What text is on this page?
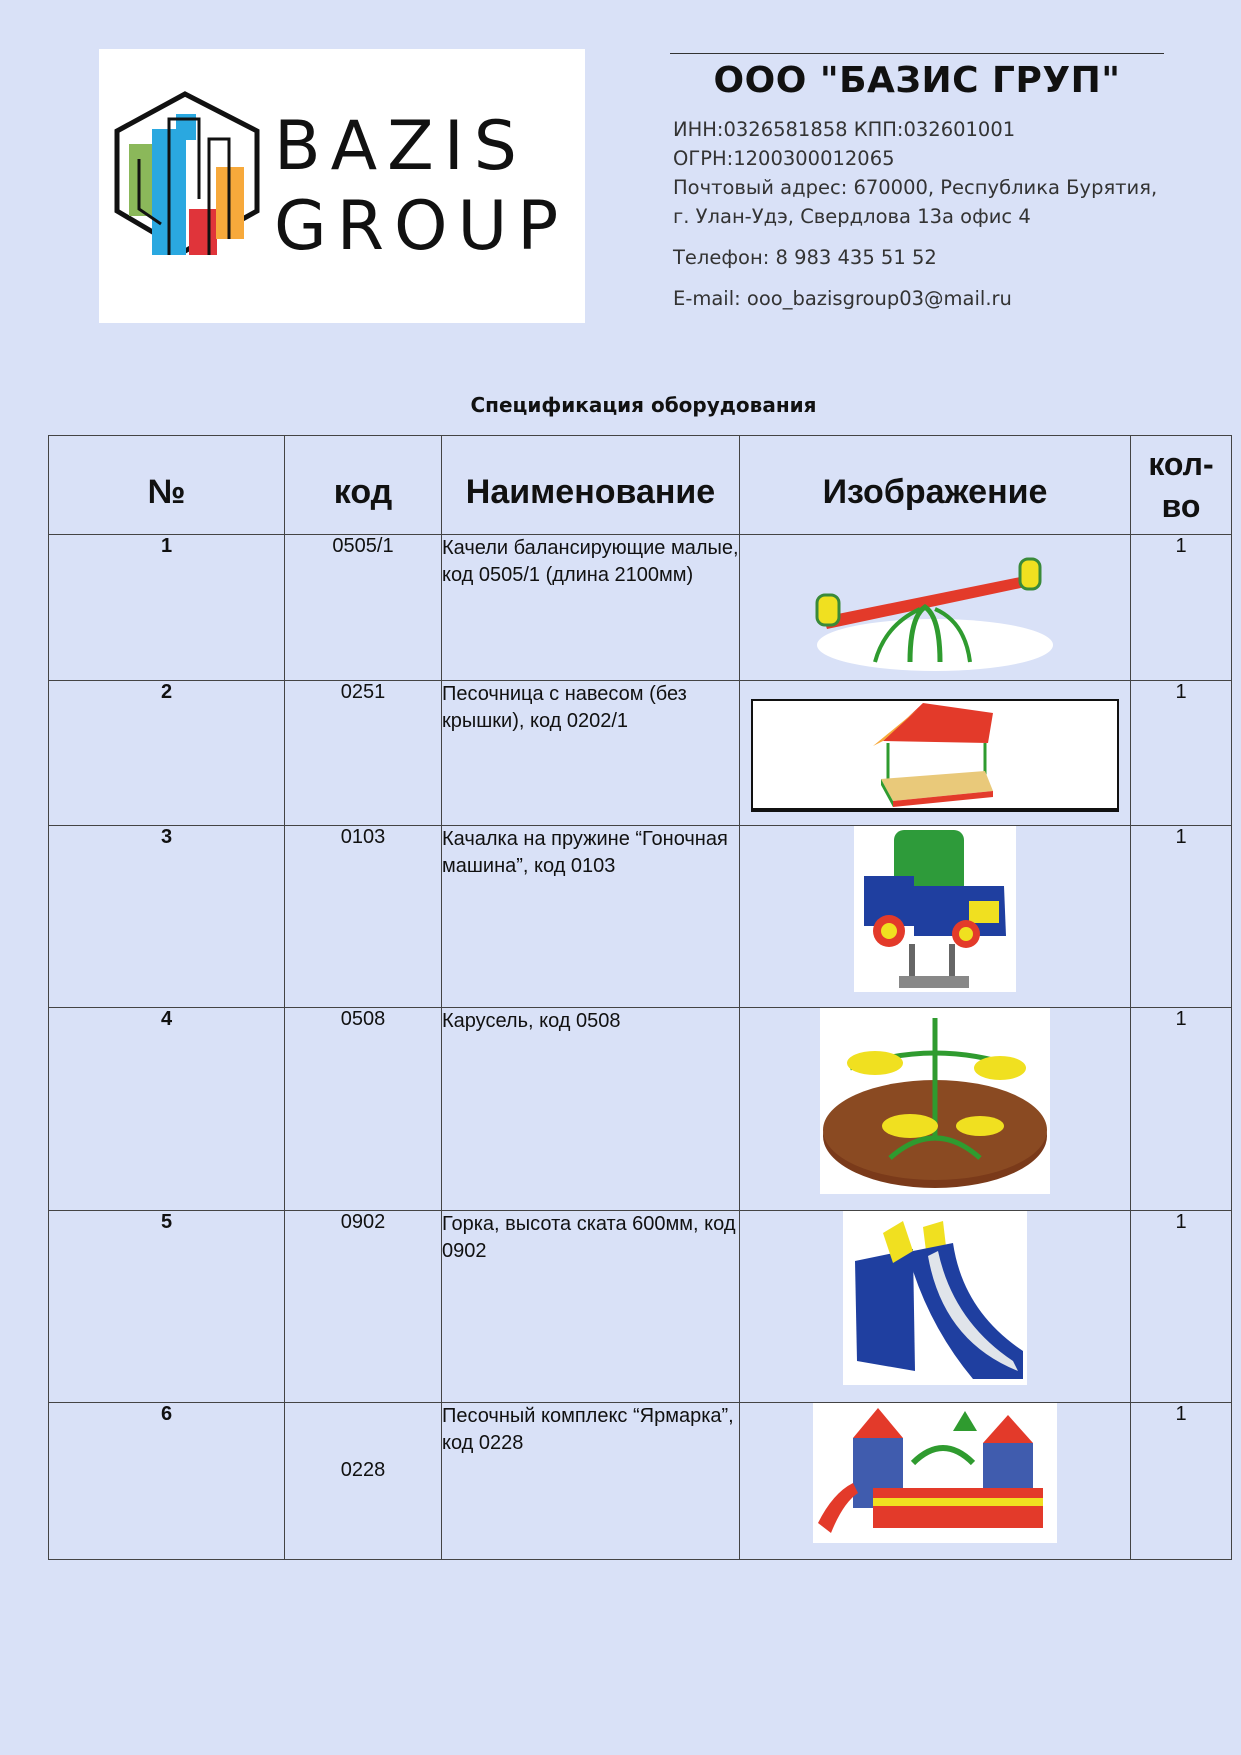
BAZIS
GROUP
ООО "БАЗИС ГРУП"
ИНН:0326581858 КПП:032601001
ОГРН:1200300012065
Почтовый адрес: 670000, Республика Бурятия,
г. Улан-Удэ, Свердлова 13а офис 4
Телефон: 8 983 435 51 52
E-mail: ooo_bazisgroup03@mail.ru
Спецификация оборудования
№	код	Наименование	Изображение	кол-
во
1	0505/1	Качели балансирующие малые, код 0505/1 (длина 2100мм)		1
2	0251	Песочница с навесом (без крышки), код 0202/1		1
3	0103	Качалка на пружине “Гоночная машина”, код 0103		1
4	0508	Карусель, код 0508		1
5	0902	Горка, высота ската 600мм, код 0902		1
6	0228	Песочный комплекс “Ярмарка”, код 0228		1
